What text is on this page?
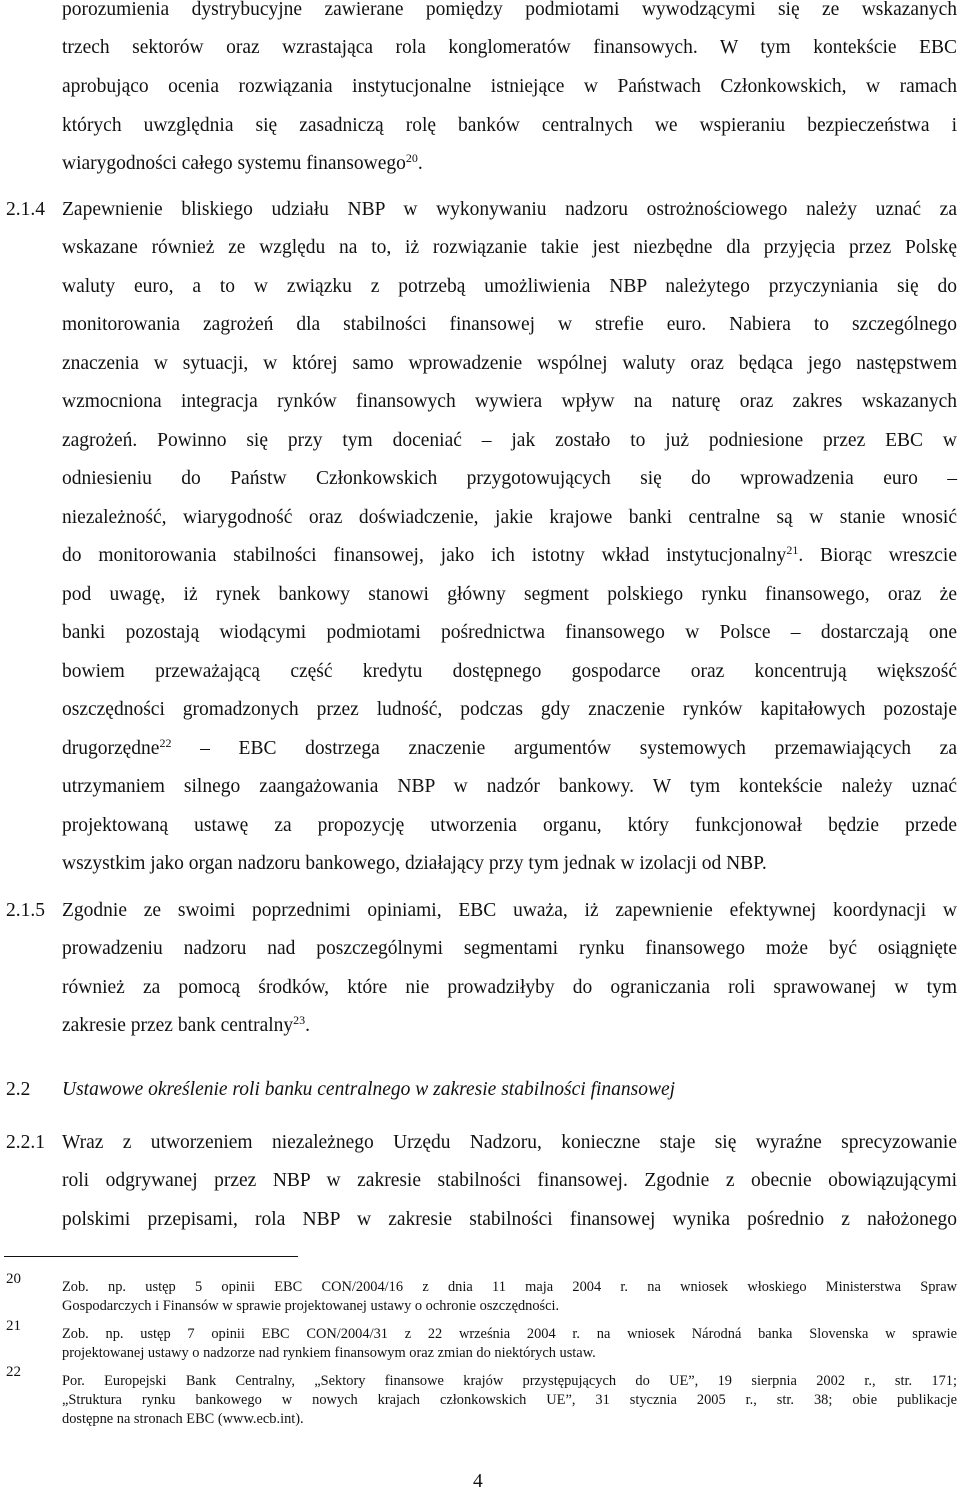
porozumienia dystrybucyjne zawierane pomiędzy podmiotami wywodzącymi się ze wskazanych
trzech sektorów oraz wzrastająca rola konglomeratów finansowych. W tym kontekście EBC
aprobująco ocenia rozwiązania instytucjonalne istniejące w Państwach Członkowskich, w ramach
których uwzględnia się zasadniczą rolę banków centralnych we wspieraniu bezpieczeństwa i
wiarygodności całego systemu finansowego$^{20}$.
2.1.4 Zapewnienie bliskiego udziału NBP w wykonywaniu nadzoru ostrożnościowego należy uznać za
wskazane również ze względu na to, iż rozwiązanie takie jest niezbędne dla przyjęcia przez Polskę
waluty euro, a to w związku z potrzebą umożliwienia NBP należytego przyczyniania się do
monitorowania zagrożeń dla stabilności finansowej w strefie euro. Nabiera to szczególnego
znaczenia w sytuacji, w której samo wprowadzenie wspólnej waluty oraz będąca jego następstwem
wzmocniona integracja rynków finansowych wywiera wpływ na naturę oraz zakres wskazanych
zagrożeń. Powinno się przy tym doceniać – jak zostało to już podniesione przez EBC w
odniesieniu do Państw Członkowskich przygotowujących się do wprowadzenia euro –
niezależność, wiarygodność oraz doświadczenie, jakie krajowe banki centralne są w stanie wnosić
do monitorowania stabilności finansowej, jako ich istotny wkład instytucjonalny$^{21}$. Biorąc wreszcie
pod uwagę, iż rynek bankowy stanowi główny segment polskiego rynku finansowego, oraz że
banki pozostają wiodącymi podmiotami pośrednictwa finansowego w Polsce – dostarczają one
bowiem przeważającą część kredytu dostępnego gospodarce oraz koncentrują większość
oszczędności gromadzonych przez ludność, podczas gdy znaczenie rynków kapitałowych pozostaje
drugorzędne$^{22}$ – EBC dostrzega znaczenie argumentów systemowych przemawiających za
utrzymaniem silnego zaangażowania NBP w nadzór bankowy. W tym kontekście należy uznać
projektowaną ustawę za propozycję utworzenia organu, który funkcjonował będzie przede
wszystkim jako organ nadzoru bankowego, działający przy tym jednak w izolacji od NBP.
2.1.5 Zgodnie ze swoimi poprzednimi opiniami, EBC uważa, iż zapewnienie efektywnej koordynacji w
prowadzeniu nadzoru nad poszczególnymi segmentami rynku finansowego może być osiągnięte
również za pomocą środków, które nie prowadziłyby do ograniczania roli sprawowanej w tym
zakresie przez bank centralny$^{23}$.
2.2 Ustawowe określenie roli banku centralnego w zakresie stabilności finansowej
2.2.1 Wraz z utworzeniem niezależnego Urzędu Nadzoru, konieczne staje się wyraźne sprecyzowanie
roli odgrywanej przez NBP w zakresie stabilności finansowej. Zgodnie z obecnie obowiązującymi
polskimi przepisami, rola NBP w zakresie stabilności finansowej wynika pośrednio z nałożonego
20	Zob. np. ustęp 5 opinii EBC CON/2004/16 z dnia 11 maja 2004 r. na wniosek włoskiego Ministerstwa Spraw
Gospodarczych i Finansów w sprawie projektowanej ustawy o ochronie oszczędności.
21	Zob. np. ustęp 7 opinii EBC CON/2004/31 z 22 września 2004 r. na wniosek Národná banka Slovenska w sprawie
projektowanej ustawy o nadzorze nad rynkiem finansowym oraz zmian do niektórych ustaw.
22
Por. Europejski Bank Centralny, „Sektory finansowe krajów przystępujących do UE”, 19 sierpnia 2002 r., str. 171;
„Struktura rynku bankowego w nowych krajach członkowskich UE”, 31 stycznia 2005 r., str. 38; obie publikacje
dostępne na stronach EBC (www.ecb.int).
4
